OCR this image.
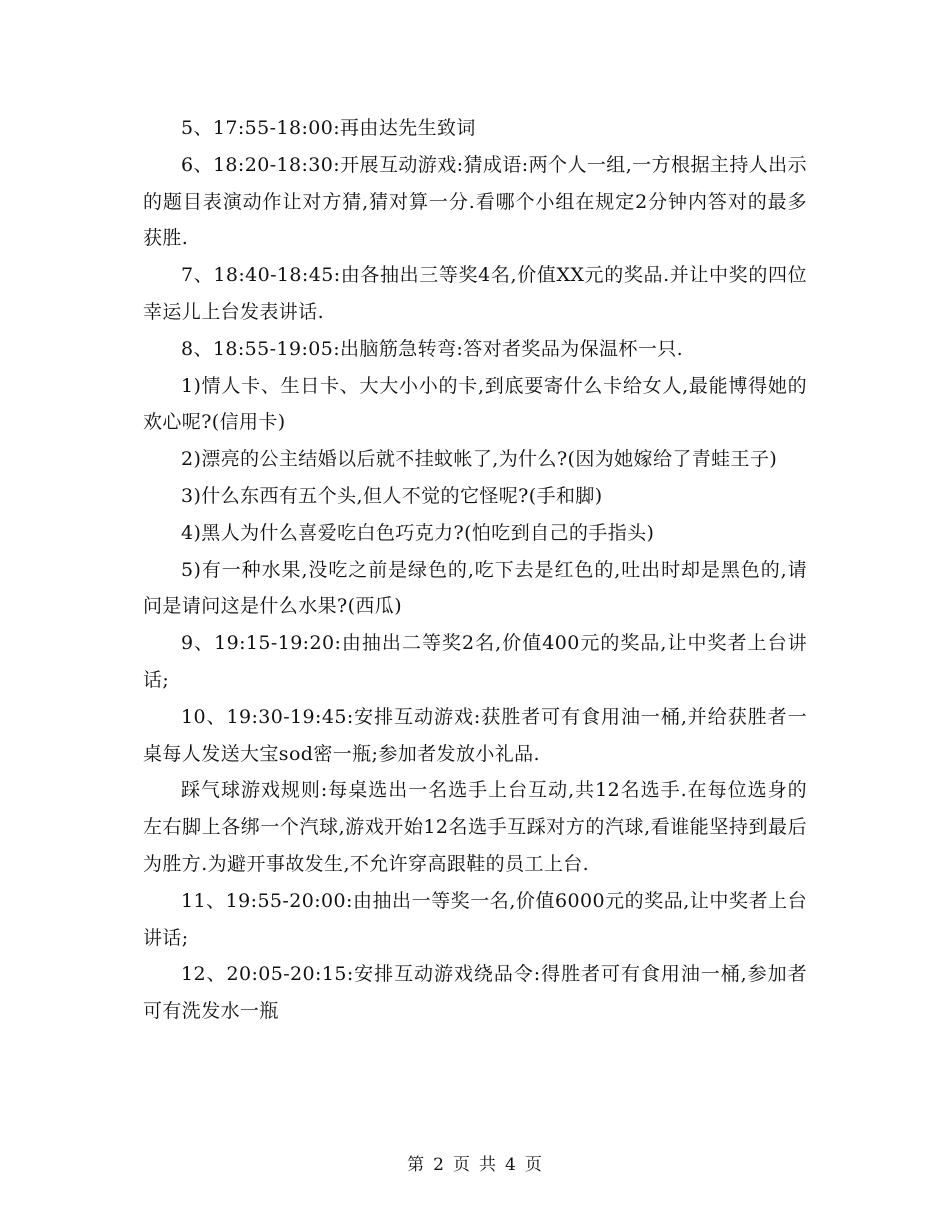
5、17:55-18:00:再由达先生致词

6、18:20-18:30:开展互动游戏:猜成语:两个人一组,一方根据主持人出示的题目表演动作让对方猜,猜对算一分.看哪个小组在规定2分钟内答对的最多获胜.

7、18:40-18:45:由各抽出三等奖4名,价值XX元的奖品.并让中奖的四位幸运儿上台发表讲话.

8、18:55-19:05:出脑筋急转弯:答对者奖品为保温杯一只.

1)情人卡、生日卡、大大小小的卡,到底要寄什么卡给女人,最能博得她的欢心呢?(信用卡)

2)漂亮的公主结婚以后就不挂蚊帐了,为什么?(因为她嫁给了青蛙王子)

3)什么东西有五个头,但人不觉的它怪呢?(手和脚)

4)黑人为什么喜爱吃白色巧克力?(怕吃到自己的手指头)

5)有一种水果,没吃之前是绿色的,吃下去是红色的,吐出时却是黑色的,请问是请问这是什么水果?(西瓜)

9、19:15-19:20:由抽出二等奖2名,价值400元的奖品,让中奖者上台讲话;

10、19:30-19:45:安排互动游戏:获胜者可有食用油一桶,并给获胜者一桌每人发送大宝sod密一瓶;参加者发放小礼品.

踩气球游戏规则:每桌选出一名选手上台互动,共12名选手.在每位选身的左右脚上各绑一个汽球,游戏开始12名选手互踩对方的汽球,看谁能坚持到最后为胜方.为避开事故发生,不允许穿高跟鞋的员工上台.

11、19:55-20:00:由抽出一等奖一名,价值6000元的奖品,让中奖者上台讲话;

12、20:05-20:15:安排互动游戏绕品令:得胜者可有食用油一桶,参加者可有洗发水一瓶

第 2 页 共 4 页
